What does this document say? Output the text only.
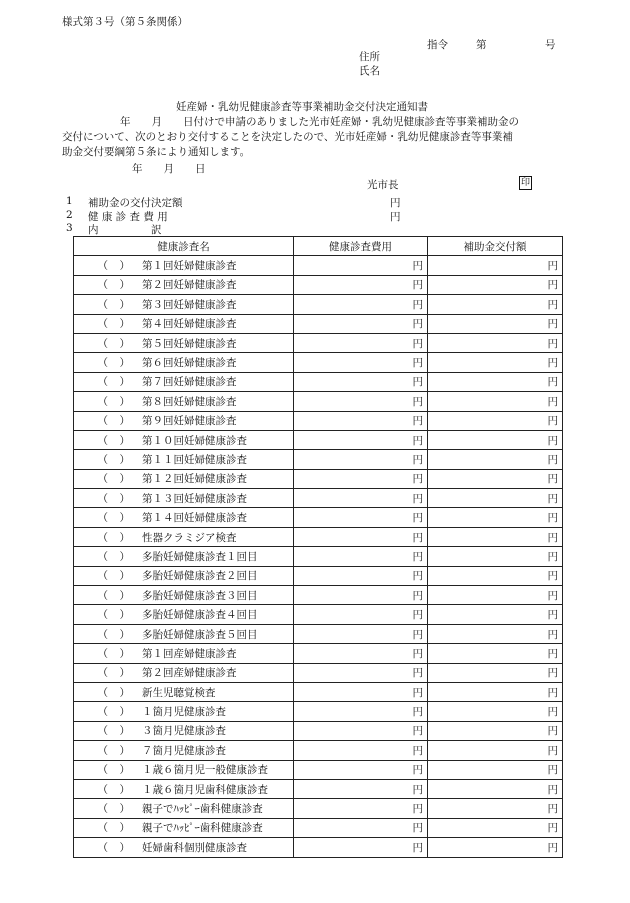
様式第３号（第５条関係）
指令	第	号
住所
氏名
妊産婦・乳幼児健康診査等事業補助金交付決定通知書
年　　月　　日付けで申請のありました光市妊産婦・乳幼児健康診査等事業補助金の
交付について、次のとおり交付することを決定したので、光市妊産婦・乳幼児健康診査等事業補
助金交付要綱第５条により通知します。
年　　月　　日
光市長	印
1 補助金の交付決定額	円
2 健 康 診 査 費 用	円
3 内　　　　　訳
健康診査名	健康診査費用	補助金交付額
（ ） 第１回妊婦健康診査	円	円
（ ） 第２回妊婦健康診査	円	円
（ ） 第３回妊婦健康診査	円	円
（ ） 第４回妊婦健康診査	円	円
（ ） 第５回妊婦健康診査	円	円
（ ） 第６回妊婦健康診査	円	円
（ ） 第７回妊婦健康診査	円	円
（ ） 第８回妊婦健康診査	円	円
（ ） 第９回妊婦健康診査	円	円
（ ） 第１０回妊婦健康診査	円	円
（ ） 第１１回妊婦健康診査	円	円
（ ） 第１２回妊婦健康診査	円	円
（ ） 第１３回妊婦健康診査	円	円
（ ） 第１４回妊婦健康診査	円	円
（ ） 性器クラミジア検査	円	円
（ ） 多胎妊婦健康診査１回目	円	円
（ ） 多胎妊婦健康診査２回目	円	円
（ ） 多胎妊婦健康診査３回目	円	円
（ ） 多胎妊婦健康診査４回目	円	円
（ ） 多胎妊婦健康診査５回目	円	円
（ ） 第１回産婦健康診査	円	円
（ ） 第２回産婦健康診査	円	円
（ ） 新生児聴覚検査	円	円
（ ） １箇月児健康診査	円	円
（ ） ３箇月児健康診査	円	円
（ ） ７箇月児健康診査	円	円
（ ） １歳６箇月児一般健康診査	円	円
（ ） １歳６箇月児歯科健康診査	円	円
（ ） 親子でﾊｯﾋﾟｰ歯科健康診査	円	円
（ ） 親子でﾊｯﾋﾟｰ歯科健康診査	円	円
（ ） 妊婦歯科個別健康診査	円	円
